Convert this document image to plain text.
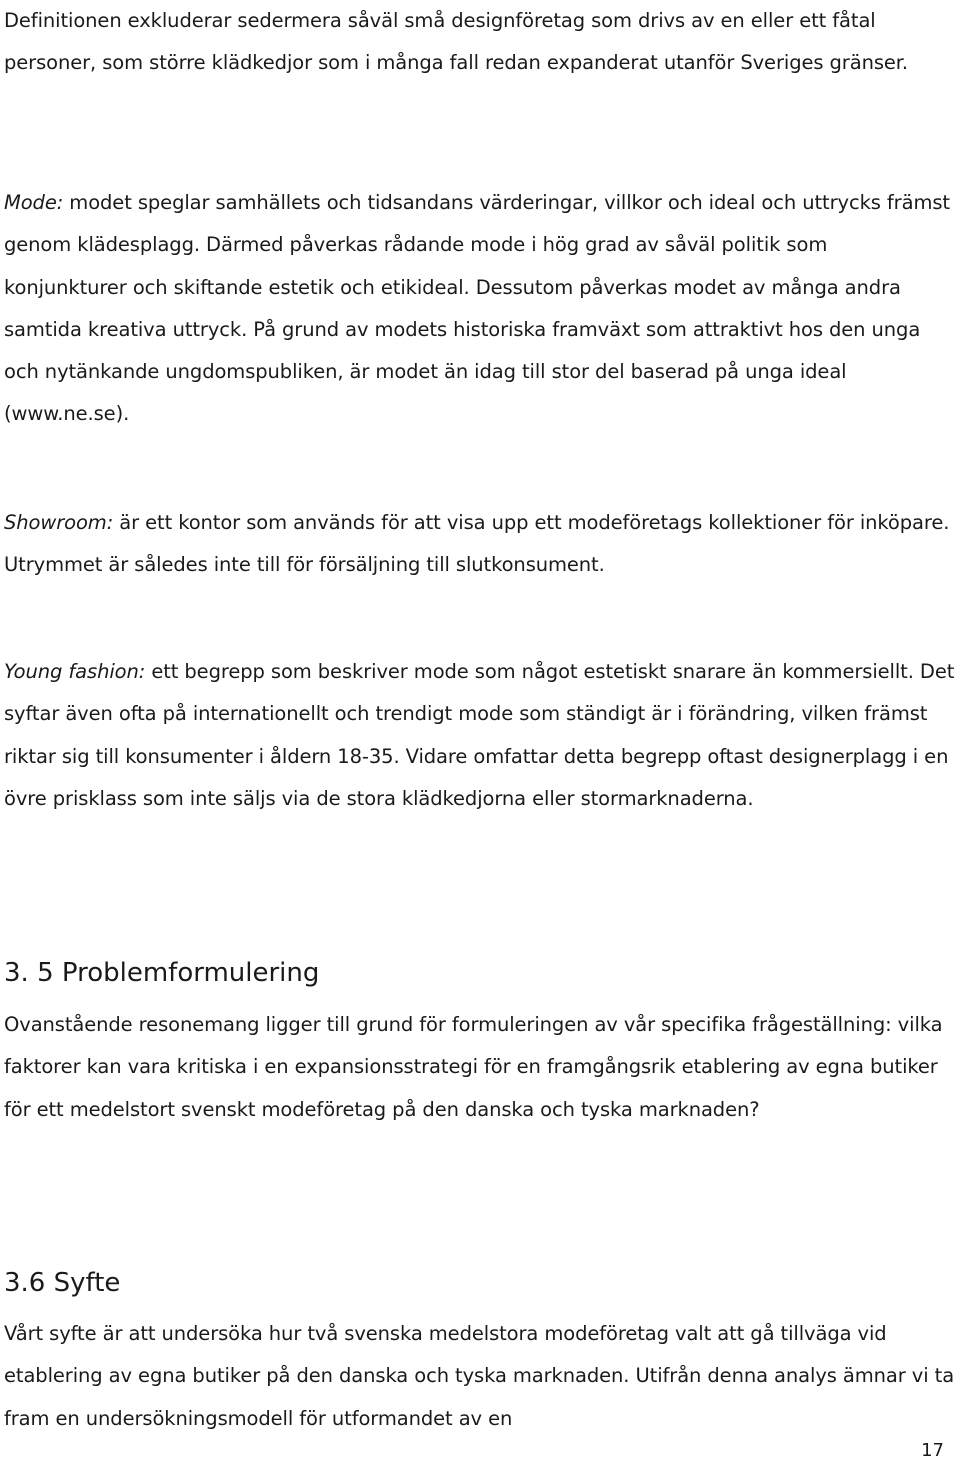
Definitionen exkluderar sedermera såväl små designföretag som drivs av en eller ett fåtal personer, som större klädkedjor som i många fall redan expanderat utanför Sveriges gränser.

Mode: modet speglar samhällets och tidsandans värderingar, villkor och ideal och uttrycks främst genom klädesplagg. Därmed påverkas rådande mode i hög grad av såväl politik som konjunkturer och skiftande estetik och etikideal. Dessutom påverkas modet av många andra samtida kreativa uttryck. På grund av modets historiska framväxt som attraktivt hos den unga och nytänkande ungdomspubliken, är modet än idag till stor del baserad på unga ideal (www.ne.se).

Showroom: är ett kontor som används för att visa upp ett modeföretags kollektioner för inköpare. Utrymmet är således inte till för försäljning till slutkonsument.

Young fashion: ett begrepp som beskriver mode som något estetiskt snarare än kommersiellt. Det syftar även ofta på internationellt och trendigt mode som ständigt är i förändring, vilken främst riktar sig till konsumenter i åldern 18-35. Vidare omfattar detta begrepp oftast designerplagg i en övre prisklass som inte säljs via de stora klädkedjorna eller stormarknaderna.

3. 5 Problemformulering

Ovanstående resonemang ligger till grund för formuleringen av vår specifika frågeställning: vilka faktorer kan vara kritiska i en expansionsstrategi för en framgångsrik etablering av egna butiker för ett medelstort svenskt modeföretag på den danska och tyska marknaden?

3.6 Syfte

Vårt syfte är att undersöka hur två svenska medelstora modeföretag valt att gå tillväga vid etablering av egna butiker på den danska och tyska marknaden. Utifrån denna analys ämnar vi ta fram en undersökningsmodell för utformandet av en

17
